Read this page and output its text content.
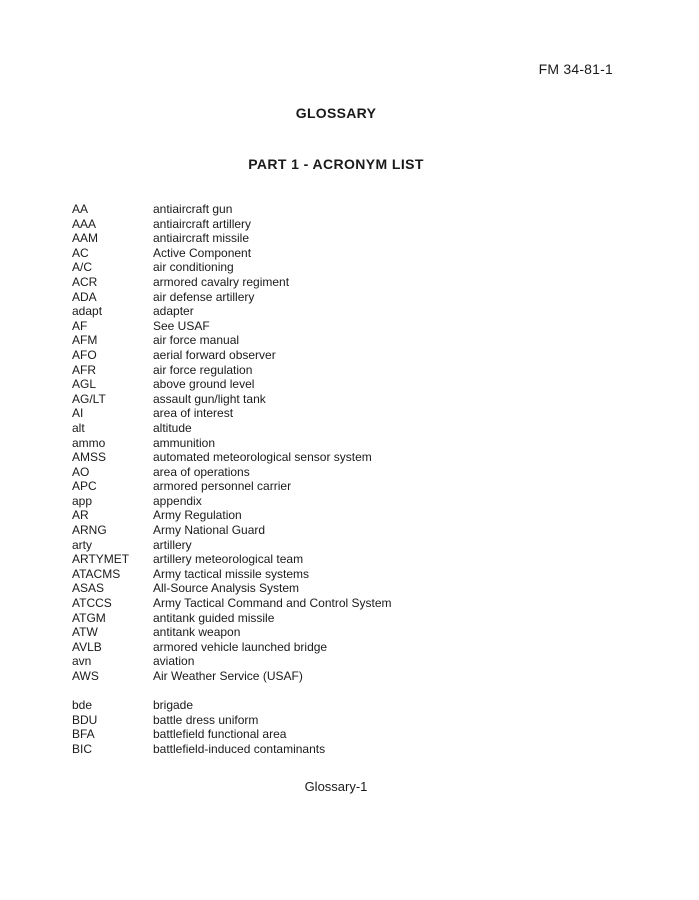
FM 34-81-1
GLOSSARY
PART 1 - ACRONYM LIST
AA	antiaircraft gun
AAA	antiaircraft artillery
AAM	antiaircraft missile
AC	Active Component
A/C	air conditioning
ACR	armored cavalry regiment
ADA	air defense artillery
adapt	adapter
AF	See USAF
AFM	air force manual
AFO	aerial forward observer
AFR	air force regulation
AGL	above ground level
AG/LT	assault gun/light tank
AI	area of interest
alt	altitude
ammo	ammunition
AMSS	automated meteorological sensor system
AO	area of operations
APC	armored personnel carrier
app	appendix
AR	Army Regulation
ARNG	Army National Guard
arty	artillery
ARTYMET	artillery meteorological team
ATACMS	Army tactical missile systems
ASAS	All-Source Analysis System
ATCCS	Army Tactical Command and Control System
ATGM	antitank guided missile
ATW	antitank weapon
AVLB	armored vehicle launched bridge
avn	aviation
AWS	Air Weather Service (USAF)
bde	brigade
BDU	battle dress uniform
BFA	battlefield functional area
BIC	battlefield-induced contaminants
Glossary-1
